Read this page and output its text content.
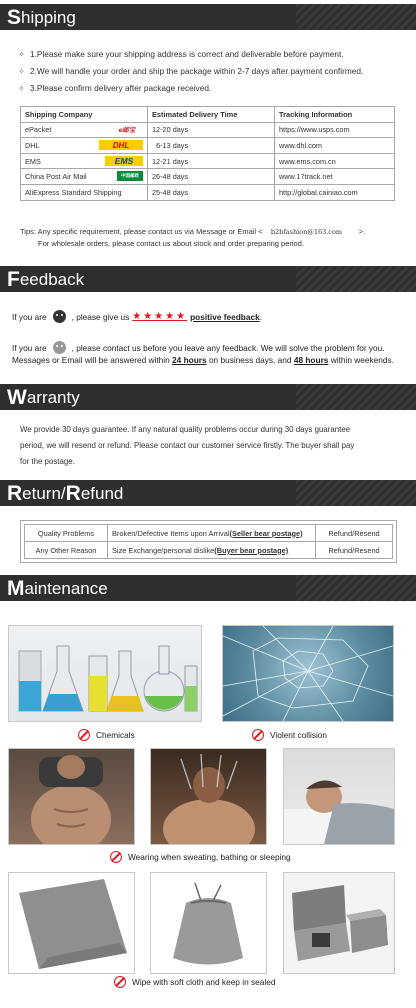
S hipping
✧ 1.Please make sure your shipping address is correct and deliverable before payment.
✧ 2.We will handle your order and ship the package within 2-7 days after payment confirmed.
✧ 3.Please confirm delivery after package received.
Shipping Company	Estimated Delivery Time	Tracking Information
ePacket e邮宝	12-20 days	https://www.usps.com
DHL DHL	6-13 days	www.dhl.com
EMS EMS	12-21 days	www.ems.com.cn
China Post Air Mail 中国邮政	26-48 days	www.17track.net
AliExpress Standard Shipping	25-48 days	http://global.cainiao.com
Tips: Any specific requirement, please contact us via Message or Email < b2bfashion@163.com >.
For wholesale orders, please contact us about stock and order preparing period.
F eedback
If you are	, please give us ★★★★★ positive feedback .
If you are	, please contact us before you leave any feedback. We will solve the problem for you.
Messages or Email will be answered within
24 hours
on business days, and
48 hours
within weekends.
W arranty
We provide 30 days guarantee. If any natural quality problems occur during 30 days guarantee
period, we will resend or refund. Please contact our customer service firstly. The buyer shall pay
for the postage.
R eturn/ R efund
Quality Problems	Broken/Defective Items upon Arrival(Seller bear postage)	Refund/Resend
Any Other Reason	Size Exchange/personal dislike(Buyer bear postage)	Refund/Resend
M aintenance
Chemicals	Violent collision
Wearing when sweating, bathing or sleeping
Wipe with soft cloth and keep in sealed
